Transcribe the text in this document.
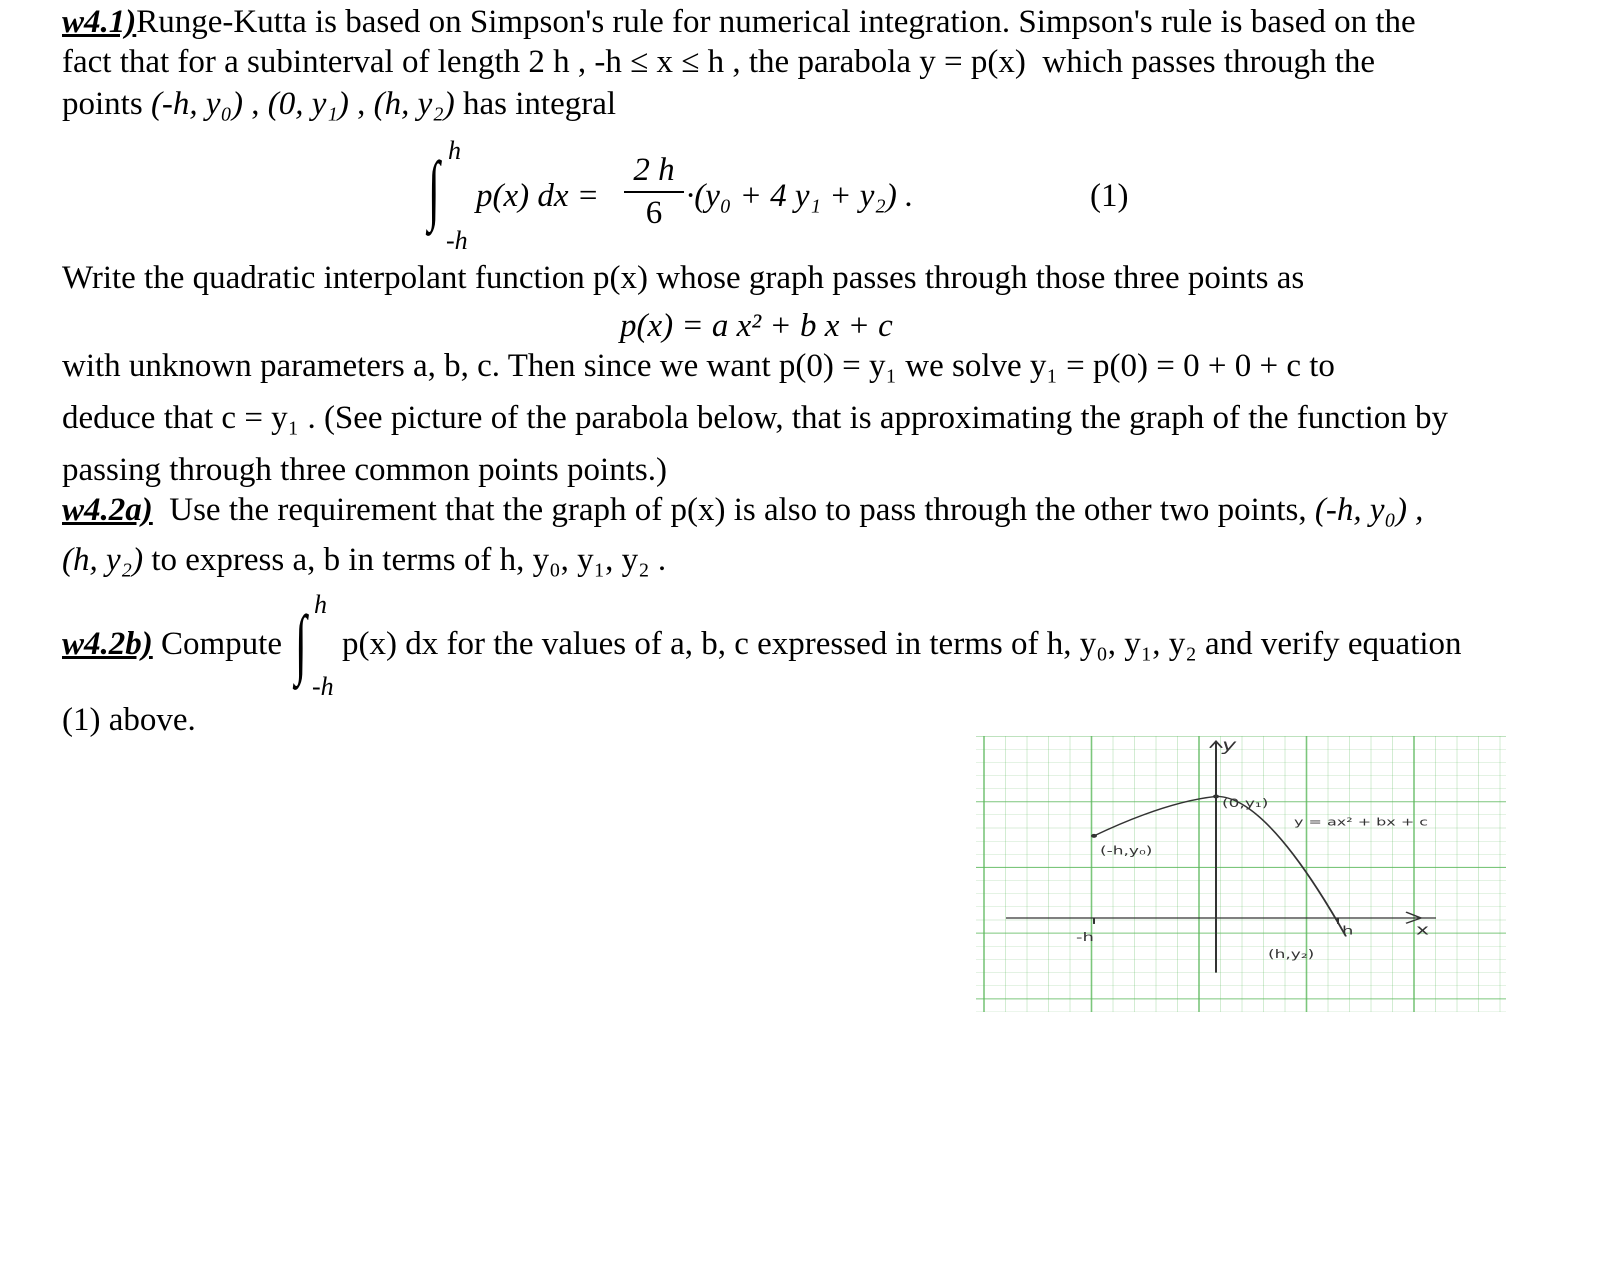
w4.1)Runge-Kutta is based on Simpson's rule for numerical integration. Simpson's rule is based on the
fact that for a subinterval of length 2 h , -h ≤ x ≤ h , the parabola y = p(x) which passes through the
points (-h, y₀) , (0, y₁) , (h, y₂) has integral
h
∫
-h
p(x) dx =
2 h
6 ·(y₀ + 4 y₁ + y₂) .	(1)
Write the quadratic interpolant function p(x) whose graph passes through those three points as
p(x) = a x² + b x + c
with unknown parameters a, b, c. Then since we want p(0) = y₁ we solve y₁ = p(0) = 0 + 0 + c to
deduce that c = y₁ . (See picture of the parabola below, that is approximating the graph of the function by
passing through three common points points.)
w4.2a) Use the requirement that the graph of p(x) is also to pass through the other two points, (-h, y₀) ,
(h, y₂) to express a, b in terms of h, y₀, y₁, y₂ .
w4.2b) Compute
h
∫
-h
p(x) dx for the values of a, b, c expressed in terms of h, y₀, y₁, y₂ and verify equation
(1) above.
y
x
(0,y₁)
(-h,y₀)
(h,y₂)
y = ax² + bx + c
-h	h
